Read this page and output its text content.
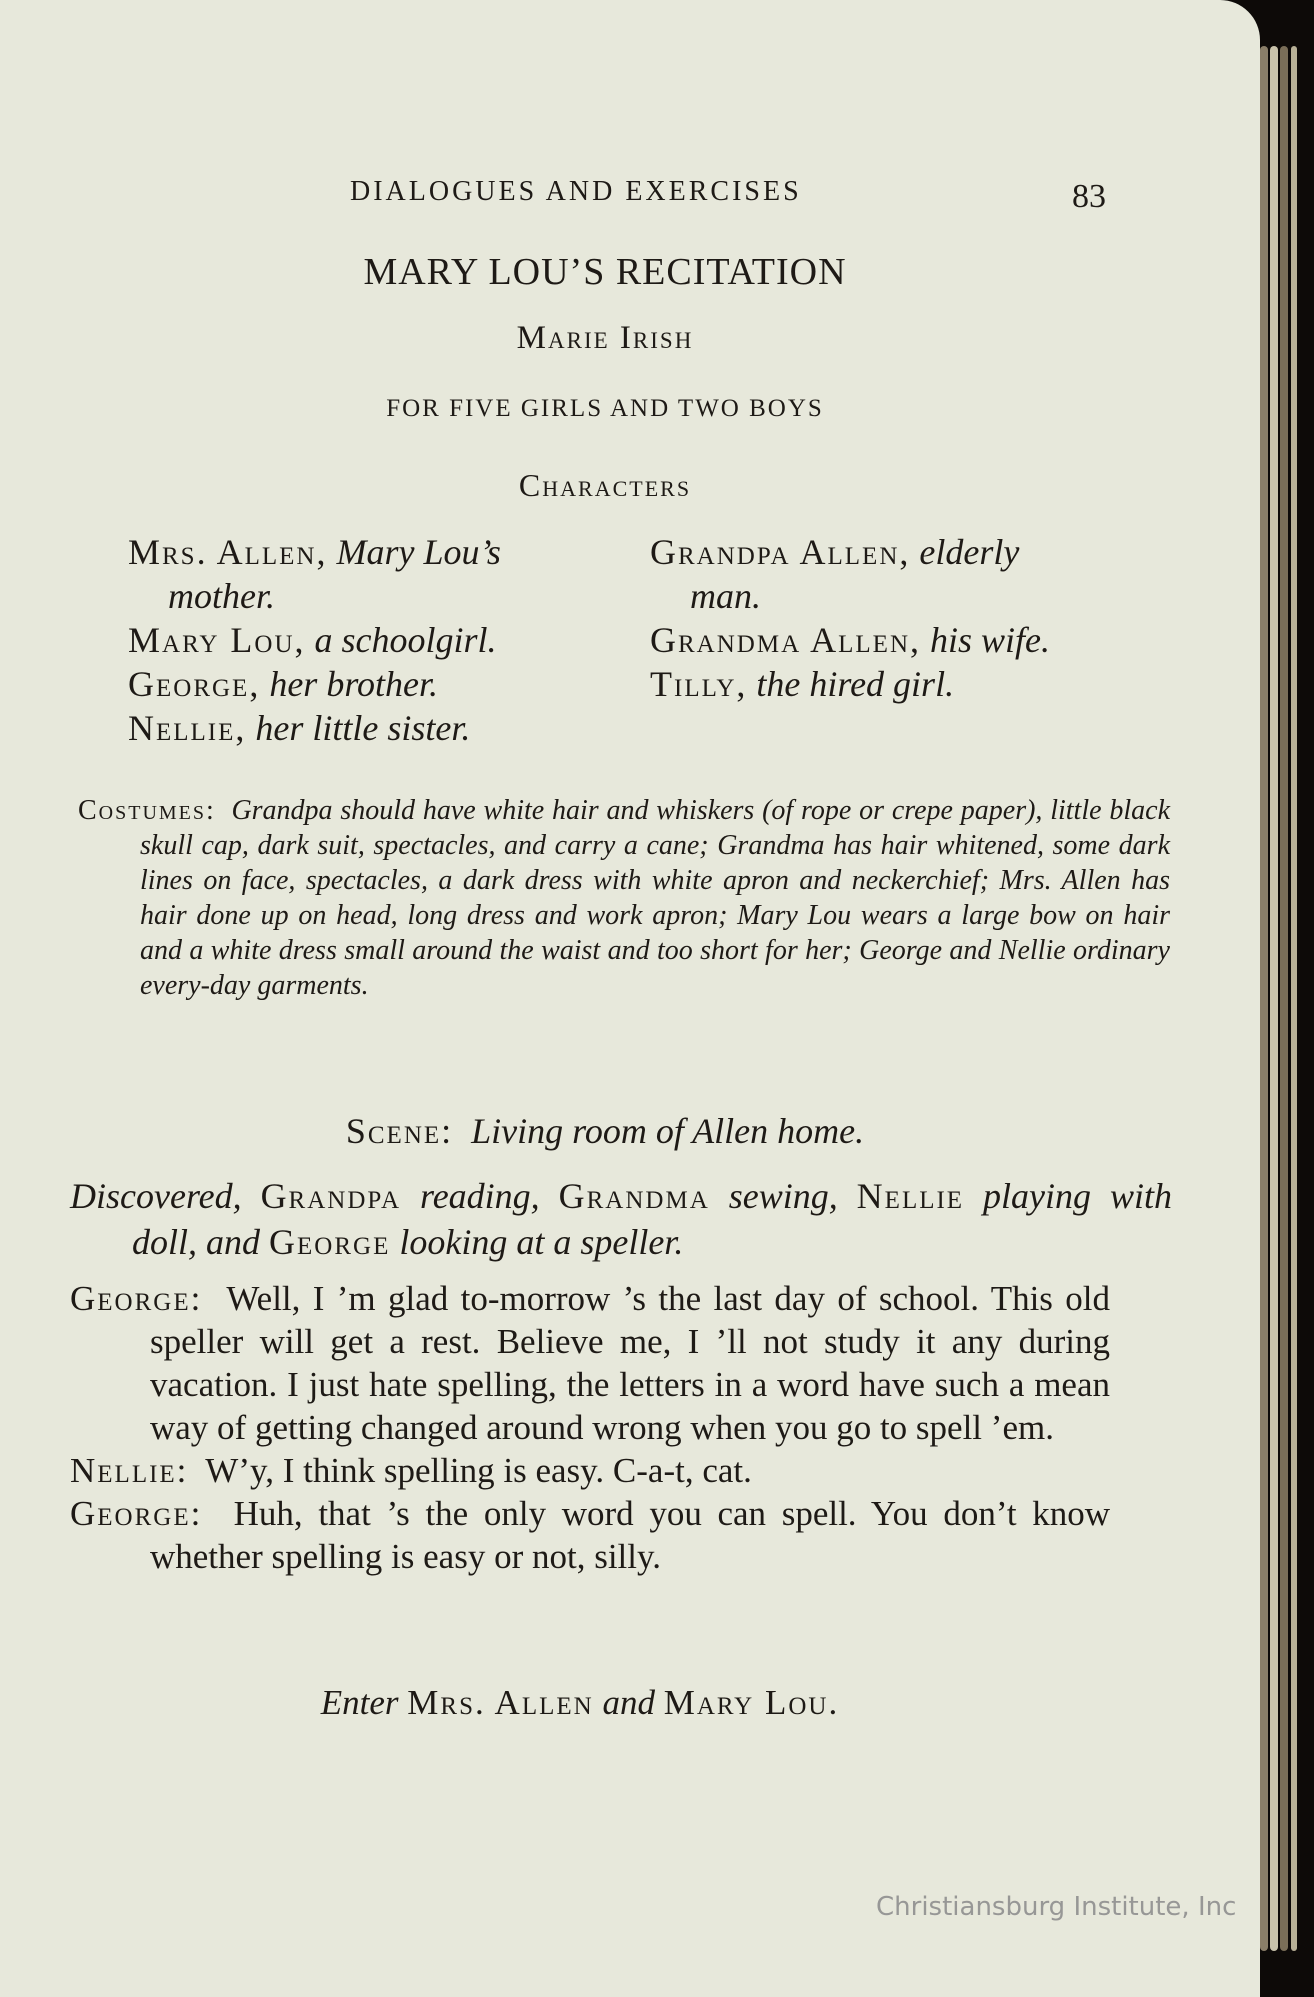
DIALOGUES AND EXERCISES	83
MARY LOU’S RECITATION
Marie Irish
FOR FIVE GIRLS AND TWO BOYS
Characters
Mrs. Allen, Mary Lou’s
mother.
Mary Lou, a schoolgirl.
George, her brother.
Nellie, her little sister.
Grandpa Allen, elderly
man.
Grandma Allen, his wife.
Tilly, the hired girl.
Costumes: Grandpa should have white hair and whiskers (of rope or crepe paper), little black skull cap, dark suit, spectacles, and carry a cane; Grandma has hair whitened, some dark lines on face, spectacles, a dark dress with white apron and neckerchief; Mrs. Allen has hair done up on head, long dress and work apron; Mary Lou wears a large bow on hair and a white dress small around the waist and too short for her; George and Nellie ordinary every-day garments.
Scene: Living room of Allen home.
Discovered, Grandpa reading, Grandma sewing, Nellie playing with doll, and George looking at a speller.
George: Well, I ’m glad to-morrow ’s the last day of school. This old speller will get a rest. Believe me, I ’ll not study it any during vacation. I just hate spelling, the letters in a word have such a mean way of getting changed around wrong when you go to spell ’em.
Nellie: W’y, I think spelling is easy. C-a-t, cat.
George: Huh, that ’s the only word you can spell. You don’t know whether spelling is easy or not, silly.
Enter Mrs. Allen and Mary Lou.
Christiansburg Institute, Inc
